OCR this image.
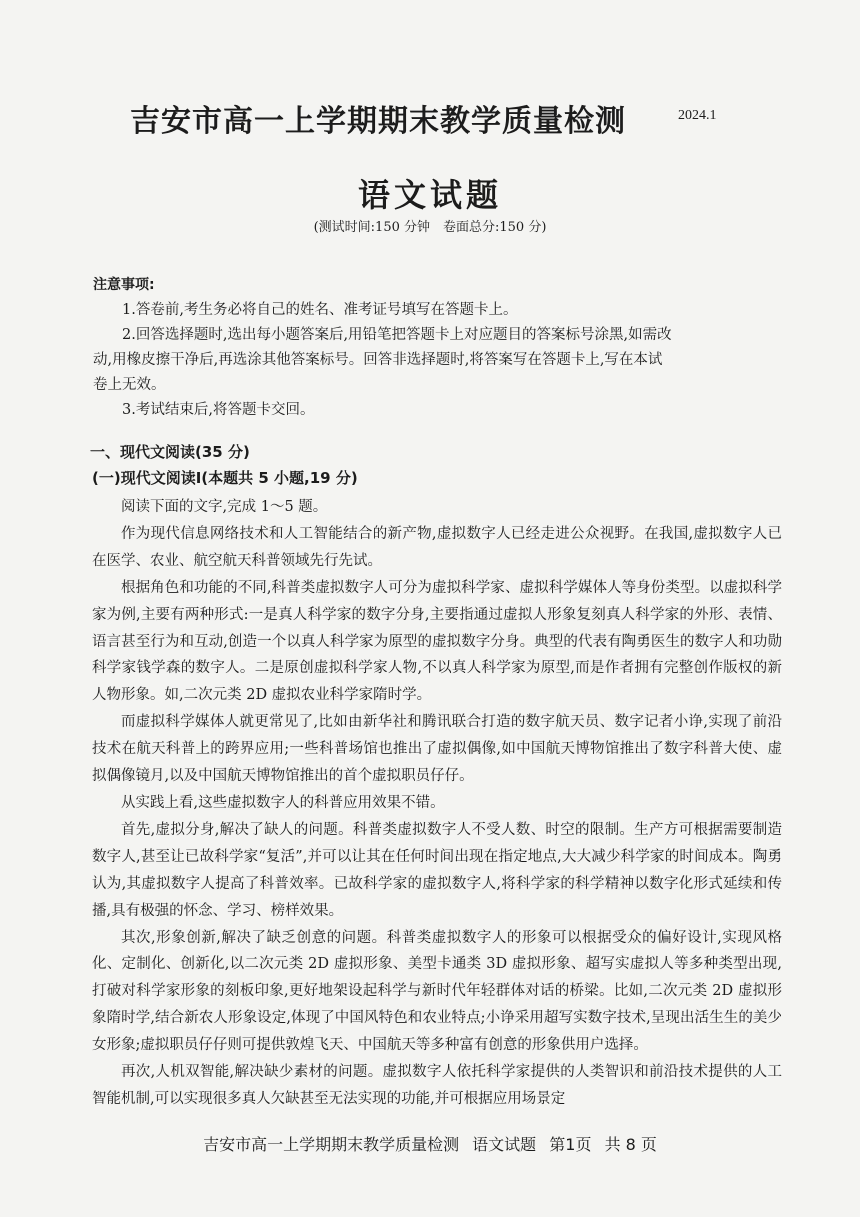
吉安市高一上学期期末教学质量检测	2024.1
语文试题
(测试时间:150 分钟　卷面总分:150 分)
注意事项:

1.答卷前,考生务必将自己的姓名、准考证号填写在答题卡上。

2.回答选择题时,选出每小题答案后,用铅笔把答题卡上对应题目的答案标号涂黑,如需改

动,用橡皮擦干净后,再选涂其他答案标号。回答非选择题时,将答案写在答题卡上,写在本试

卷上无效。

3.考试结束后,将答题卡交回。

一、现代文阅读(35 分)
(一)现代文阅读Ⅰ(本题共 5 小题,19 分)

阅读下面的文字,完成 1～5 题。

作为现代信息网络技术和人工智能结合的新产物,虚拟数字人已经走进公众视野。在我国,虚拟数字人已在医学、农业、航空航天科普领域先行先试。

根据角色和功能的不同,科普类虚拟数字人可分为虚拟科学家、虚拟科学媒体人等身份类型。以虚拟科学家为例,主要有两种形式:一是真人科学家的数字分身,主要指通过虚拟人形象复刻真人科学家的外形、表情、语言甚至行为和互动,创造一个以真人科学家为原型的虚拟数字分身。典型的代表有陶勇医生的数字人和功勋科学家钱学森的数字人。二是原创虚拟科学家人物,不以真人科学家为原型,而是作者拥有完整创作版权的新人物形象。如,二次元类 2D 虚拟农业科学家隋时学。

而虚拟科学媒体人就更常见了,比如由新华社和腾讯联合打造的数字航天员、数字记者小诤,实现了前沿技术在航天科普上的跨界应用;一些科普场馆也推出了虚拟偶像,如中国航天博物馆推出了数字科普大使、虚拟偶像镜月,以及中国航天博物馆推出的首个虚拟职员仔仔。

从实践上看,这些虚拟数字人的科普应用效果不错。

首先,虚拟分身,解决了缺人的问题。科普类虚拟数字人不受人数、时空的限制。生产方可根据需要制造数字人,甚至让已故科学家“复活”,并可以让其在任何时间出现在指定地点,大大减少科学家的时间成本。陶勇认为,其虚拟数字人提高了科普效率。已故科学家的虚拟数字人,将科学家的科学精神以数字化形式延续和传播,具有极强的怀念、学习、榜样效果。

其次,形象创新,解决了缺乏创意的问题。科普类虚拟数字人的形象可以根据受众的偏好设计,实现风格化、定制化、创新化,以二次元类 2D 虚拟形象、美型卡通类 3D 虚拟形象、超写实虚拟人等多种类型出现,打破对科学家形象的刻板印象,更好地架设起科学与新时代年轻群体对话的桥梁。比如,二次元类 2D 虚拟形象隋时学,结合新农人形象设定,体现了中国风特色和农业特点;小诤采用超写实数字技术,呈现出活生生的美少女形象;虚拟职员仔仔则可提供敦煌飞天、中国航天等多种富有创意的形象供用户选择。

再次,人机双智能,解决缺少素材的问题。虚拟数字人依托科学家提供的人类智识和前沿技术提供的人工智能机制,可以实现很多真人欠缺甚至无法实现的功能,并可根据应用场景定

吉安市高一上学期期末教学质量检测 语文试题 第1页 共 8 页
